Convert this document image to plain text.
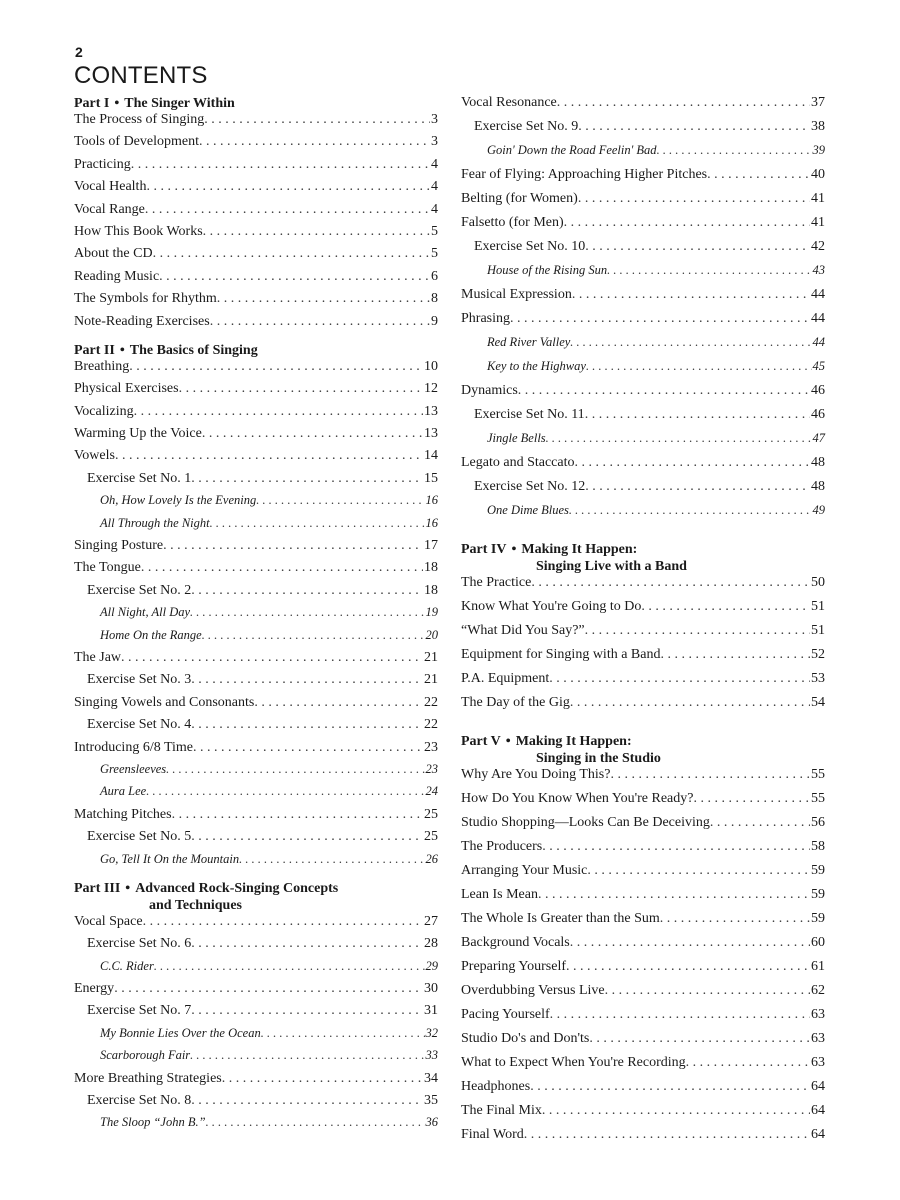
2
CONTENTS
Part I • The Singer Within
The Process of Singing . . .	3
Tools of Development . . .	3
Practicing . . .	4
Vocal Health . . .	4
Vocal Range . . .	4
How This Book Works . . .	5
About the CD . . .	5
Reading Music . . .	6
The Symbols for Rhythm . . .	8
Note-Reading Exercises . . .	9
Part II • The Basics of Singing
Breathing . . .	10
Physical Exercises . . .	12
Vocalizing . . .	13
Warming Up the Voice . . .	13
Vowels . . .	14
Exercise Set No. 1 . . .	15
Oh, How Lovely Is the Evening . . .	16
All Through the Night . . .	16
Singing Posture . . .	17
The Tongue . . .	18
Exercise Set No. 2 . . .	18
All Night, All Day . . .	19
Home On the Range . . .	20
The Jaw . . .	21
Exercise Set No. 3 . . .	21
Singing Vowels and Consonants . . .	22
Exercise Set No. 4 . . .	22
Introducing 6/8 Time . . .	23
Greensleeves . . .	23
Aura Lee . . .	24
Matching Pitches . . .	25
Exercise Set No. 5 . . .	25
Go, Tell It On the Mountain . . .	26
Part III • Advanced Rock-Singing Concepts
and Techniques
Vocal Space . . .	27
Exercise Set No. 6 . . .	28
C.C. Rider . . .	29
Energy . . .	30
Exercise Set No. 7 . . .	31
My Bonnie Lies Over the Ocean . . .	32
Scarborough Fair . . .	33
More Breathing Strategies . . .	34
Exercise Set No. 8 . . .	35
The Sloop “John B.” . . .	36
Vocal Resonance . . .	37
Exercise Set No. 9 . . .	38
Goin' Down the Road Feelin' Bad . . .	39
Fear of Flying: Approaching Higher Pitches . . .	40
Belting (for Women) . . .	41
Falsetto (for Men) . . .	41
Exercise Set No. 10 . . .	42
House of the Rising Sun . . .	43
Musical Expression . . .	44
Phrasing . . .	44
Red River Valley . . .	44
Key to the Highway . . .	45
Dynamics . . .	46
Exercise Set No. 11 . . .	46
Jingle Bells . . .	47
Legato and Staccato . . .	48
Exercise Set No. 12 . . .	48
One Dime Blues . . .	49
Part IV • Making It Happen:
Singing Live with a Band
The Practice . . .	50
Know What You're Going to Do . . .	51
“What Did You Say?” . . .	51
Equipment for Singing with a Band . . .	52
P.A. Equipment . . .	53
The Day of the Gig . . .	54
Part V • Making It Happen:
Singing in the Studio
Why Are You Doing This? . . .	55
How Do You Know When You're Ready? . . .	55
Studio Shopping—Looks Can Be Deceiving . . .	56
The Producers . . .	58
Arranging Your Music . . .	59
Lean Is Mean . . .	59
The Whole Is Greater than the Sum . . .	59
Background Vocals . . .	60
Preparing Yourself . . .	61
Overdubbing Versus Live . . .	62
Pacing Yourself . . .	63
Studio Do's and Don'ts . . .	63
What to Expect When You're Recording . . .	63
Headphones . . .	64
The Final Mix . . .	64
Final Word . . .	64
